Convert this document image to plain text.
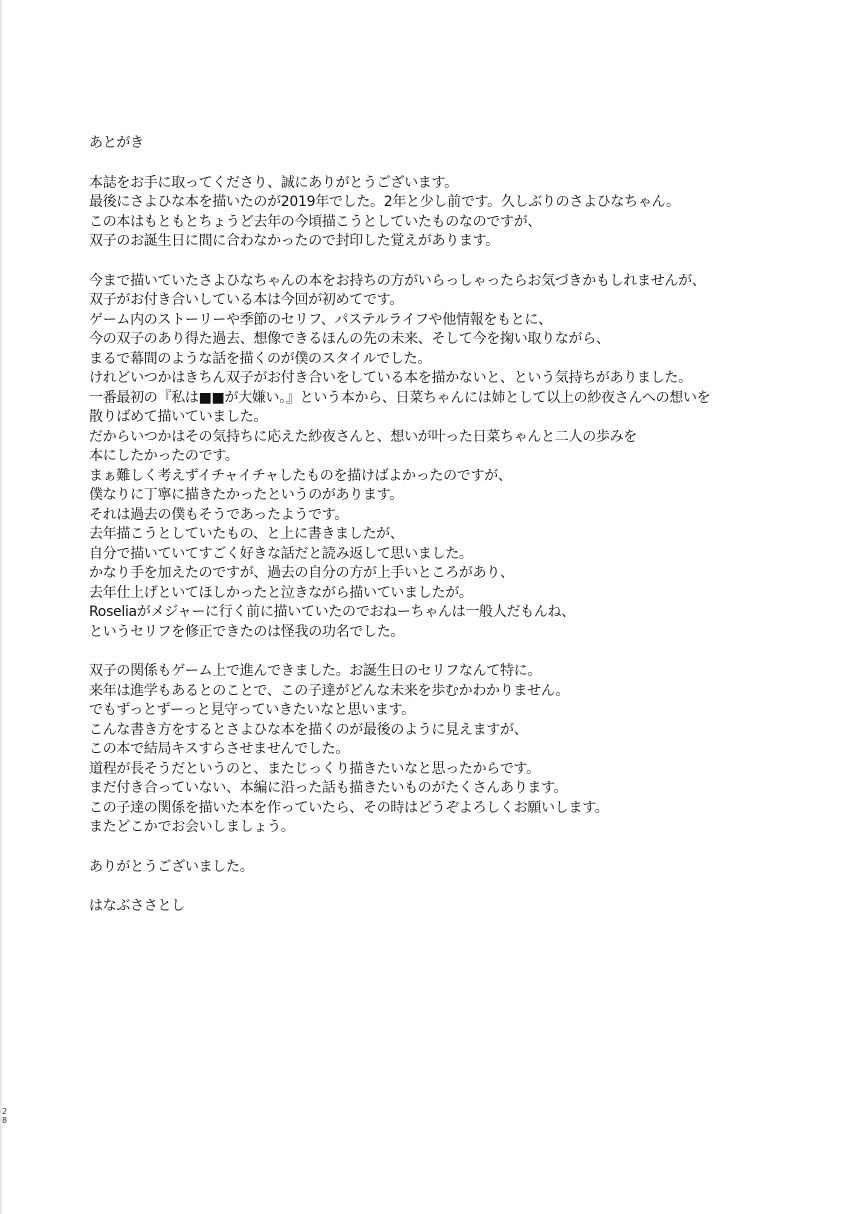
あとがき
本誌をお手に取ってくださり、誠にありがとうございます。
最後にさよひな本を描いたのが2019年でした。2年と少し前です。久しぶりのさよひなちゃん。
この本はもともとちょうど去年の今頃描こうとしていたものなのですが、
双子のお誕生日に間に合わなかったので封印した覚えがあります。
今まで描いていたさよひなちゃんの本をお持ちの方がいらっしゃったらお気づきかもしれませんが、
双子がお付き合いしている本は今回が初めてです。
ゲーム内のストーリーや季節のセリフ、パステルライフや他情報をもとに、
今の双子のあり得た過去、想像できるほんの先の未来、そして今を掬い取りながら、
まるで幕間のような話を描くのが僕のスタイルでした。
けれどいつかはきちん双子がお付き合いをしている本を描かないと、という気持ちがありました。
一番最初の『私は■■が大嫌い。』という本から、日菜ちゃんには姉として以上の紗夜さんへの想いを
散りばめて描いていました。
だからいつかはその気持ちに応えた紗夜さんと、想いが叶った日菜ちゃんと二人の歩みを
本にしたかったのです。
まぁ難しく考えずイチャイチャしたものを描けばよかったのですが、
僕なりに丁寧に描きたかったというのがあります。
それは過去の僕もそうであったようです。
去年描こうとしていたもの、と上に書きましたが、
自分で描いていてすごく好きな話だと読み返して思いました。
かなり手を加えたのですが、過去の自分の方が上手いところがあり、
去年仕上げといてほしかったと泣きながら描いていましたが。
Roseliaがメジャーに行く前に描いていたのでおねーちゃんは一般人だもんね、
というセリフを修正できたのは怪我の功名でした。
双子の関係もゲーム上で進んできました。お誕生日のセリフなんて特に。
来年は進学もあるとのことで、この子達がどんな未来を歩むかわかりません。
でもずっとずーっと見守っていきたいなと思います。
こんな書き方をするとさよひな本を描くのが最後のように見えますが、
この本で結局キスすらさせませんでした。
道程が長そうだというのと、またじっくり描きたいなと思ったからです。
まだ付き合っていない、本編に沿った話も描きたいものがたくさんあります。
この子達の関係を描いた本を作っていたら、その時はどうぞよろしくお願いします。
またどこかでお会いしましょう。
ありがとうございました。
はなぶささとし
2
8
